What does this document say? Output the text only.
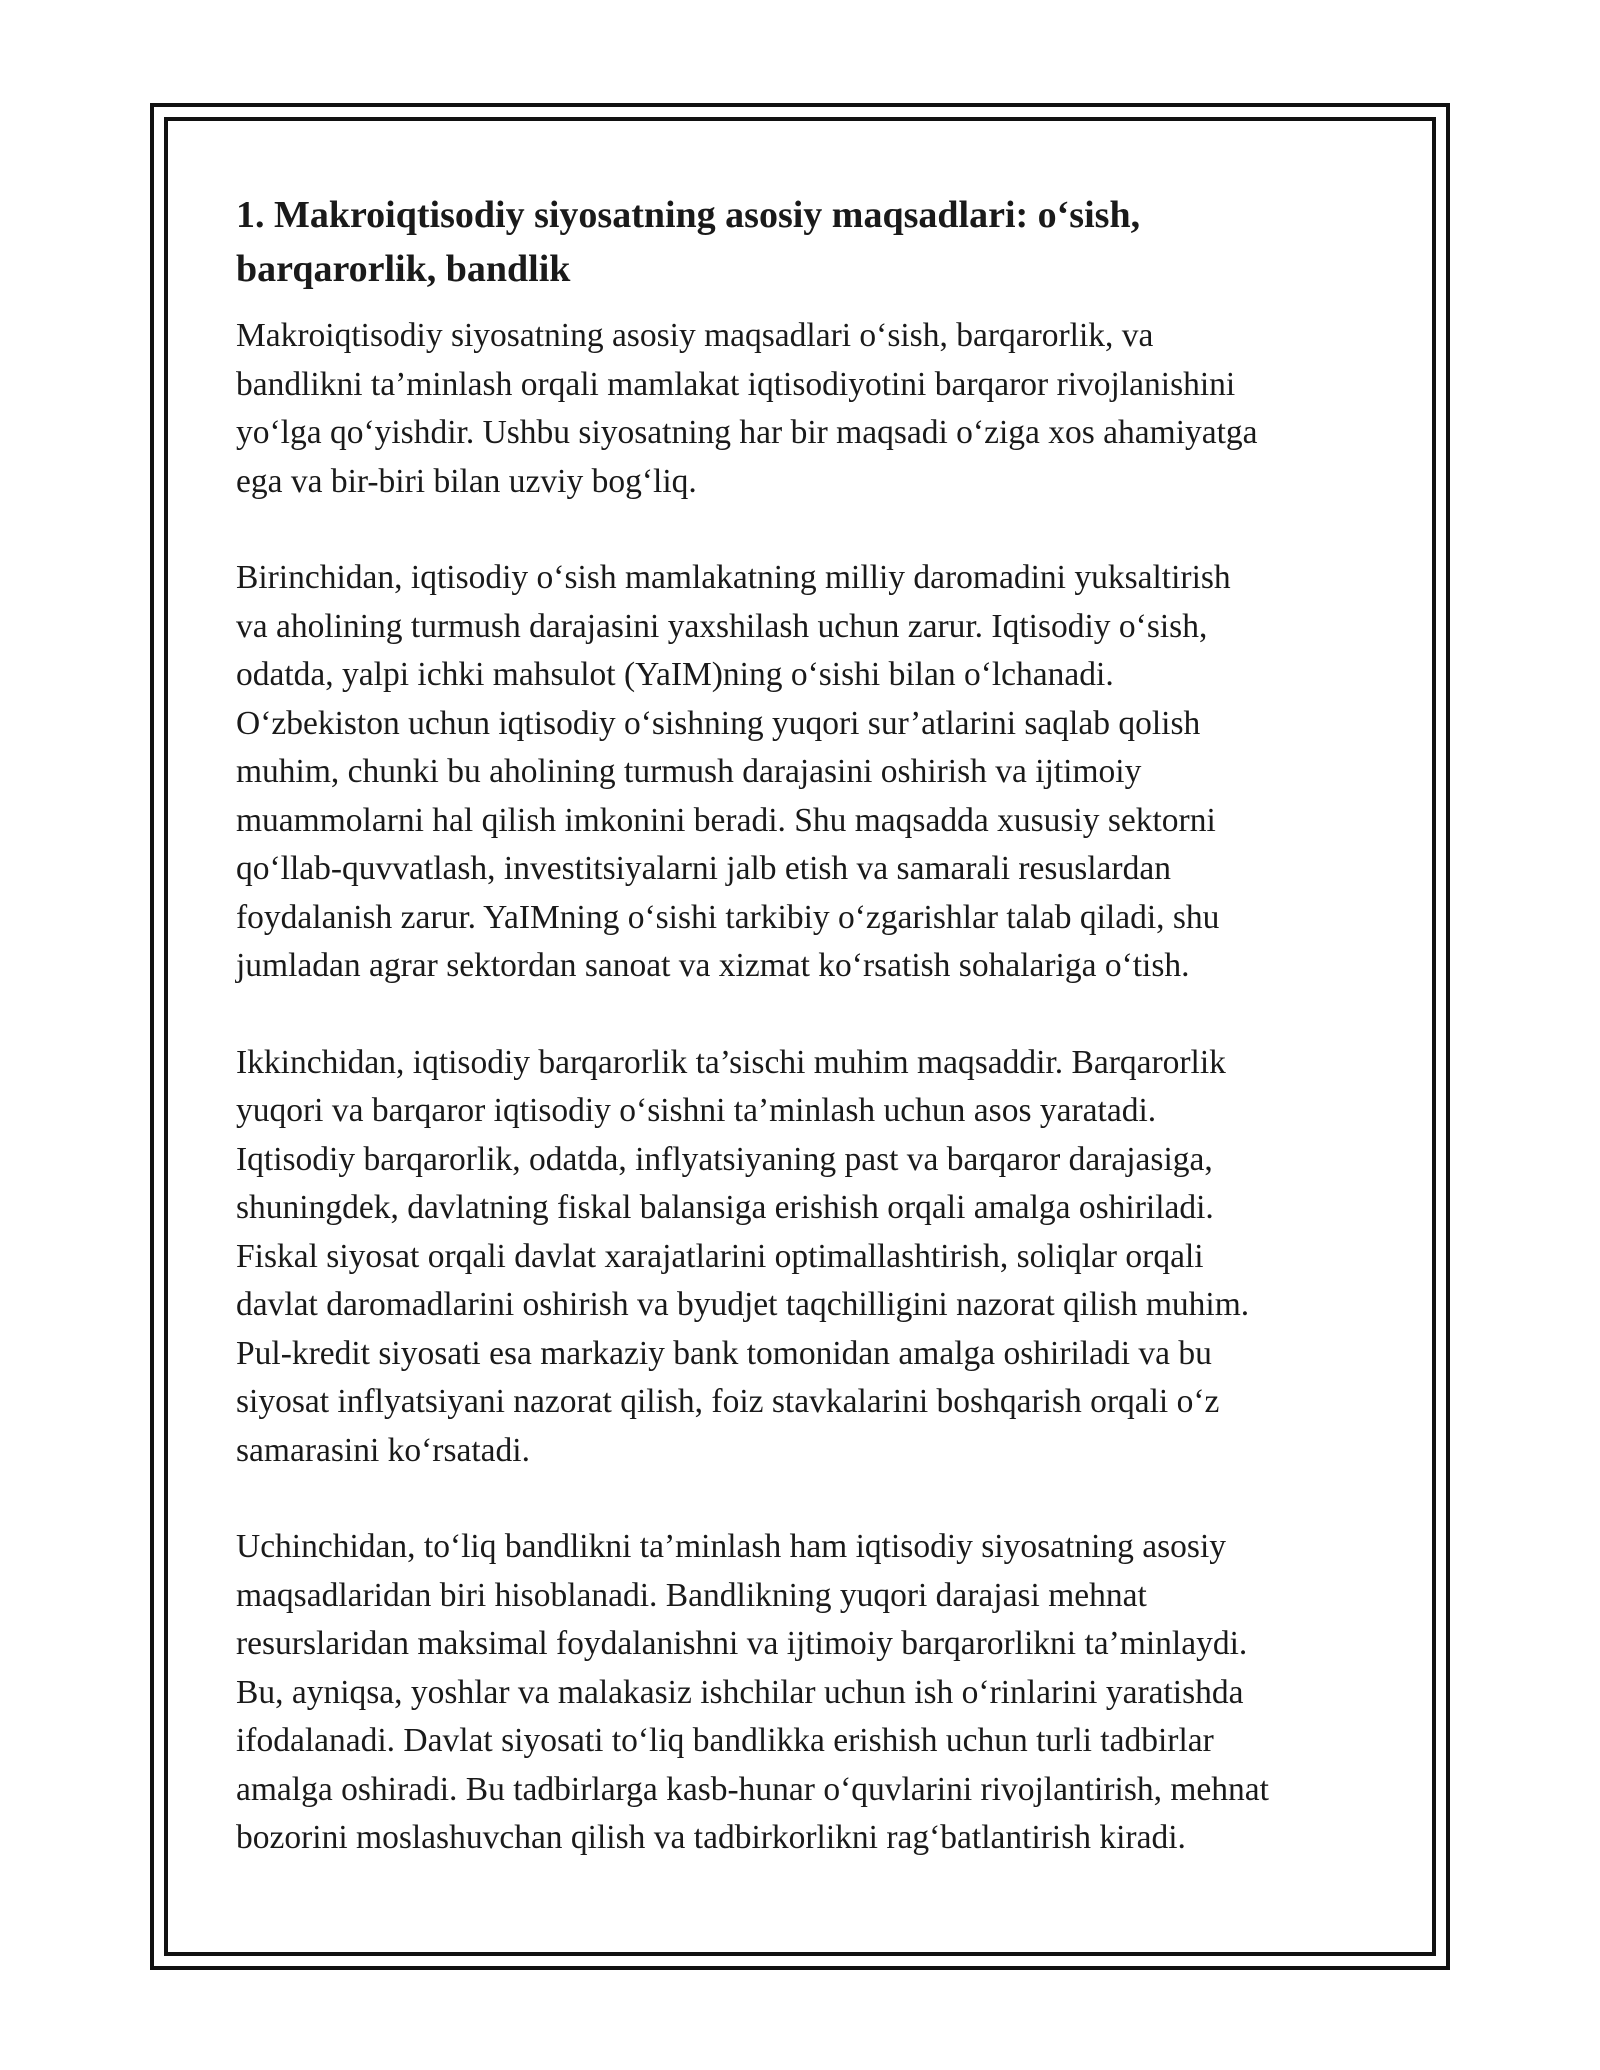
1. Makroiqtisodiy siyosatning asosiy maqsadlari: o‘sish,
barqarorlik, bandlik

Makroiqtisodiy siyosatning asosiy maqsadlari o‘sish, barqarorlik, va
bandlikni ta’minlash orqali mamlakat iqtisodiyotini barqaror rivojlanishini
yo‘lga qo‘yishdir. Ushbu siyosatning har bir maqsadi o‘ziga xos ahamiyatga
ega va bir-biri bilan uzviy bog‘liq.

Birinchidan, iqtisodiy o‘sish mamlakatning milliy daromadini yuksaltirish
va aholining turmush darajasini yaxshilash uchun zarur. Iqtisodiy o‘sish,
odatda, yalpi ichki mahsulot (YaIM)ning o‘sishi bilan o‘lchanadi.
O‘zbekiston uchun iqtisodiy o‘sishning yuqori sur’atlarini saqlab qolish
muhim, chunki bu aholining turmush darajasini oshirish va ijtimoiy
muammolarni hal qilish imkonini beradi. Shu maqsadda xususiy sektorni
qo‘llab-quvvatlash, investitsiyalarni jalb etish va samarali resuslardan
foydalanish zarur. YaIMning o‘sishi tarkibiy o‘zgarishlar talab qiladi, shu
jumladan agrar sektordan sanoat va xizmat ko‘rsatish sohalariga o‘tish.

Ikkinchidan, iqtisodiy barqarorlik ta’sischi muhim maqsaddir. Barqarorlik
yuqori va barqaror iqtisodiy o‘sishni ta’minlash uchun asos yaratadi.
Iqtisodiy barqarorlik, odatda, inflyatsiyaning past va barqaror darajasiga,
shuningdek, davlatning fiskal balansiga erishish orqali amalga oshiriladi.
Fiskal siyosat orqali davlat xarajatlarini optimallashtirish, soliqlar orqali
davlat daromadlarini oshirish va byudjet taqchilligini nazorat qilish muhim.
Pul-kredit siyosati esa markaziy bank tomonidan amalga oshiriladi va bu
siyosat inflyatsiyani nazorat qilish, foiz stavkalarini boshqarish orqali o‘z
samarasini ko‘rsatadi.

Uchinchidan, to‘liq bandlikni ta’minlash ham iqtisodiy siyosatning asosiy
maqsadlaridan biri hisoblanadi. Bandlikning yuqori darajasi mehnat
resurslaridan maksimal foydalanishni va ijtimoiy barqarorlikni ta’minlaydi.
Bu, ayniqsa, yoshlar va malakasiz ishchilar uchun ish o‘rinlarini yaratishda
ifodalanadi. Davlat siyosati to‘liq bandlikka erishish uchun turli tadbirlar
amalga oshiradi. Bu tadbirlarga kasb-hunar o‘quvlarini rivojlantirish, mehnat
bozorini moslashuvchan qilish va tadbirkorlikni rag‘batlantirish kiradi.
